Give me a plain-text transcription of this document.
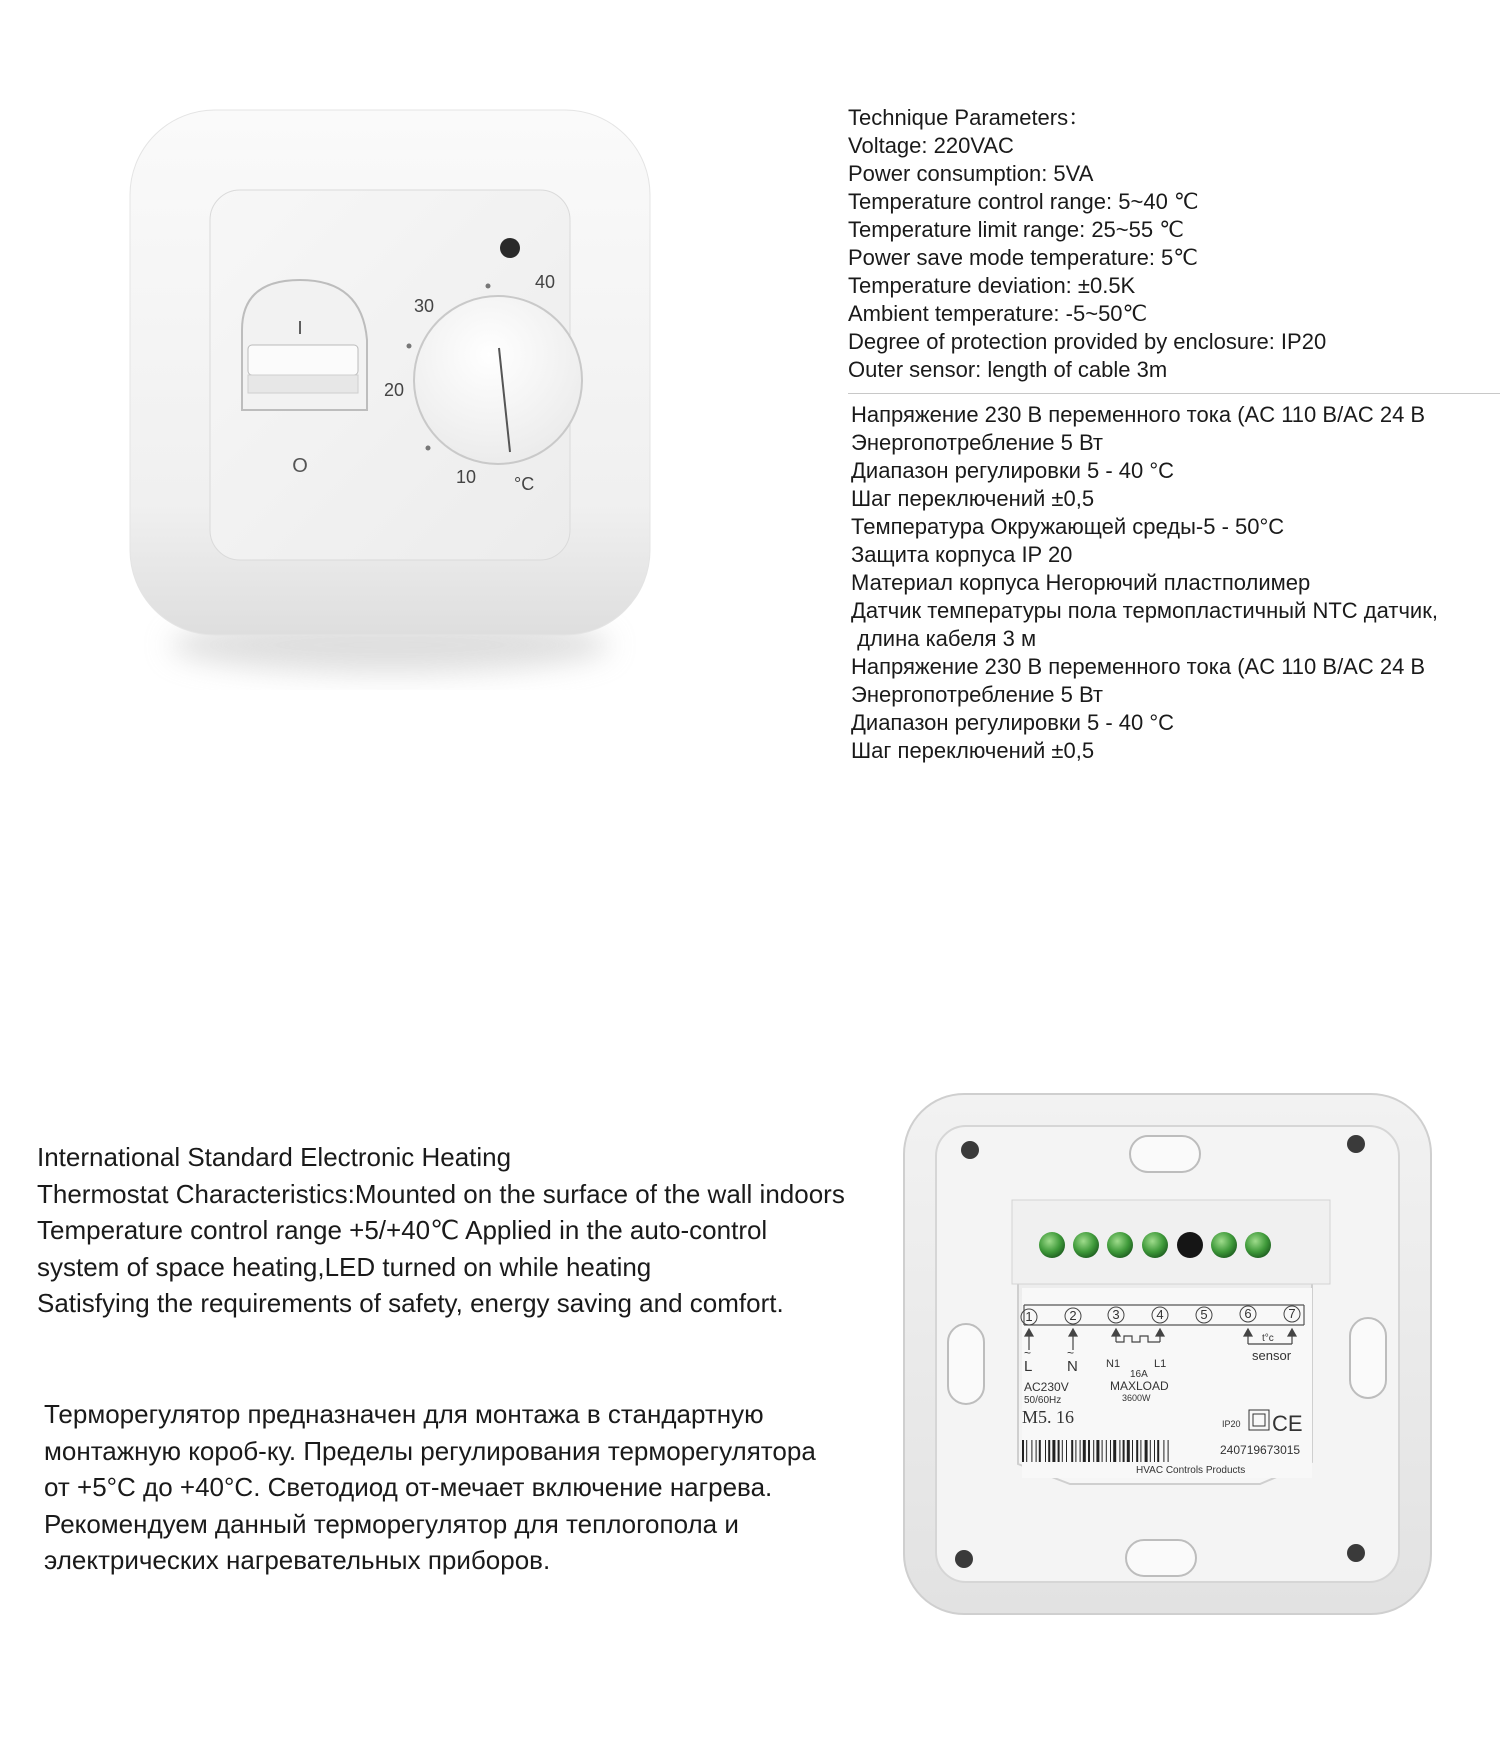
I
O
40
30
20
10 °C
Technique Parameters：
Voltage: 220VAC
Power consumption: 5VA
Temperature control range: 5~40 ℃
Temperature limit range: 25~55 ℃
Power save mode temperature: 5℃
Temperature deviation: ±0.5K
Ambient temperature: -5~50℃
Degree of protection provided by enclosure: IP20
Outer sensor: length of cable 3m
Напряжение 230 В переменного тока (AC 110 В/AC 24 В
Энергопотребление 5 Вт
Диапазон регулировки 5 - 40 °C
Шаг переключений ±0,5
Температура Окружающей среды-5 - 50°C
Защита корпуса IP 20
Материал корпуса Негорючий пластполимер
Датчик температуры пола термопластичный NTC датчик,
длина кабеля 3 м
Напряжение 230 В переменного тока (AC 110 В/AC 24 В
Энергопотребление 5 Вт
Диапазон регулировки 5 - 40 °C
Шаг переключений ±0,5
International Standard Electronic Heating
Thermostat Characteristics:Mounted on the surface of the wall indoors
Temperature control range +5/+40℃ Applied in the auto-control
system of space heating,LED turned on while heating
Satisfying the requirements of safety, energy saving and comfort.
Терморегулятор предназначен для монтажа в стандартную
монтажную короб-ку. Пределы регулирования терморегулятора
от +5°C до +40°C. Светодиод от-мечает включение нагрева.
Рекомендуем данный терморегулятор для теплогопола и
электрических нагревательных приборов.
1	2	3	4	5	6	7
L N
~	~
N1	L1
16A
t°c
sensor
AC230V
50/60Hz
MAXLOAD
3600W
M5. 16	IP20 CE
240719673015
HVAC Controls Products
